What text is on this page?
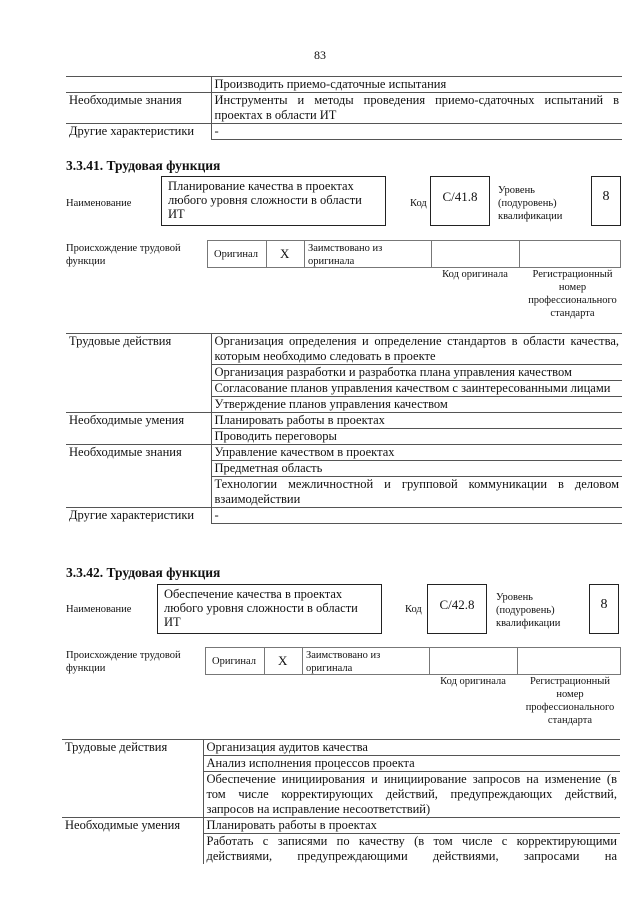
83
	Производить приемо-сдаточные испытания
Необходимые знания	Инструменты и методы проведения приемо-сдаточных испытаний в проектах в области ИТ
Другие характеристики	-
3.3.41. Трудовая функция
Наименование
Планирование качества в проектах любого уровня сложности в области ИТ
Код	C/41.8	Уровень (подуровень) квалификации
8
Происхождение трудовой функции
Оригинал X Заимствовано из оригинала
Код оригинала	Регистрационный номер профессионального стандарта
Трудовые действия	Организация определения и определение стандартов в области качества, которым необходимо следовать в проекте
	Организация разработки и разработка плана управления качеством
	Согласование планов управления качеством с заинтересованными лицами
	Утверждение планов управления качеством
Необходимые умения	Планировать работы в проектах
	Проводить переговоры
Необходимые знания	Управление качеством в проектах
	Предметная область
	Технологии межличностной и групповой коммуникации в деловом взаимодействии
Другие характеристики	-
3.3.42. Трудовая функция
Наименование
Обеспечение качества в проектах любого уровня сложности в области ИТ
Код	C/42.8	Уровень (подуровень) квалификации
8
Происхождение трудовой функции
Оригинал X Заимствовано из оригинала
Код оригинала	Регистрационный номер профессионального стандарта
Трудовые действия	Организация аудитов качества
	Анализ исполнения процессов проекта
	Обеспечение инициирования и инициирование запросов на изменение (в том числе корректирующих действий, предупреждающих действий, запросов на исправление несоответствий)
Необходимые умения	Планировать работы в проектах
	Работать с записями по качеству (в том числе с корректирующими действиями, предупреждающими действиями, запросами на
